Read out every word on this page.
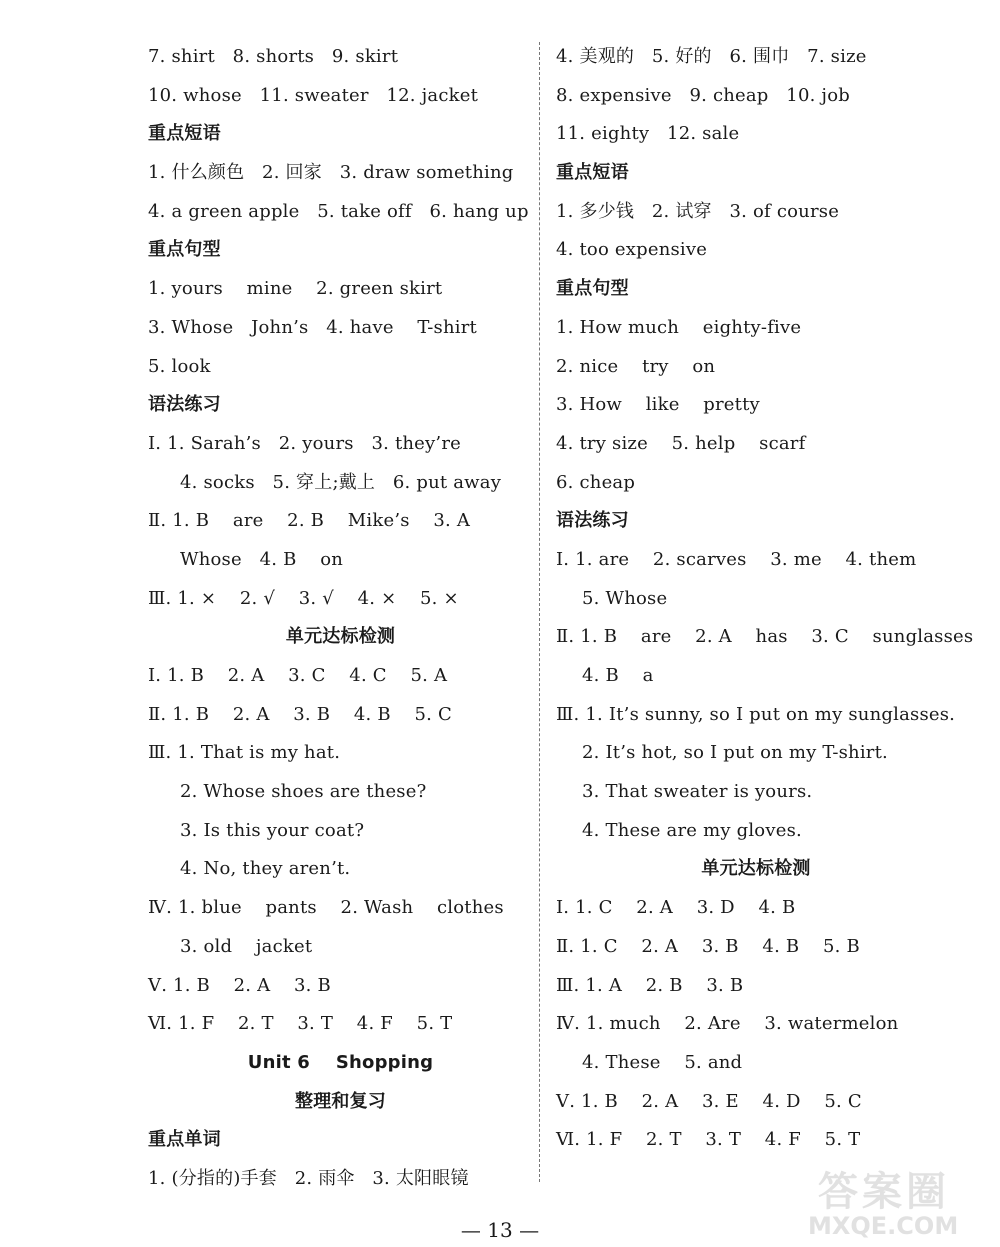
7. shirt   8. shorts   9. skirt
10. whose   11. sweater   12. jacket
重点短语
1. 什么颜色   2. 回家   3. draw something
4. a green apple   5. take off   6. hang up
重点句型
1. yours    mine    2. green skirt
3. Whose   John’s   4. have    T-shirt
5. look
语法练习
Ⅰ. 1. Sarah’s   2. yours   3. they’re
4. socks   5. 穿上;戴上   6. put away
Ⅱ. 1. B    are    2. B    Mike’s    3. A
Whose   4. B    on
Ⅲ. 1. ×    2. √    3. √    4. ×    5. ×
单元达标检测
Ⅰ. 1. B    2. A    3. C    4. C    5. A
Ⅱ. 1. B    2. A    3. B    4. B    5. C
Ⅲ. 1. That is my hat.
2. Whose shoes are these?
3. Is this your coat?
4. No, they aren’t.
Ⅳ. 1. blue    pants    2. Wash    clothes
3. old    jacket
Ⅴ. 1. B    2. A    3. B
Ⅵ. 1. F    2. T    3. T    4. F    5. T
Unit 6    Shopping
整理和复习
重点单词
1. (分指的)手套   2. 雨伞   3. 太阳眼镜
4. 美观的   5. 好的   6. 围巾   7. size
8. expensive   9. cheap   10. job
11. eighty   12. sale
重点短语
1. 多少钱   2. 试穿   3. of course
4. too expensive
重点句型
1. How much    eighty-five
2. nice    try    on
3. How    like    pretty
4. try size    5. help    scarf
6. cheap
语法练习
Ⅰ. 1. are    2. scarves    3. me    4. them
5. Whose
Ⅱ. 1. B    are    2. A    has    3. C    sunglasses
4. B    a
Ⅲ. 1. It’s sunny, so I put on my sunglasses.
2. It’s hot, so I put on my T-shirt.
3. That sweater is yours.
4. These are my gloves.
单元达标检测
Ⅰ. 1. C    2. A    3. D    4. B
Ⅱ. 1. C    2. A    3. B    4. B    5. B
Ⅲ. 1. A    2. B    3. B
Ⅳ. 1. much    2. Are    3. watermelon
4. These    5. and
Ⅴ. 1. B    2. A    3. E    4. D    5. C
Ⅵ. 1. F    2. T    3. T    4. F    5. T
— 13 —
答案圈
MXQE.COM
